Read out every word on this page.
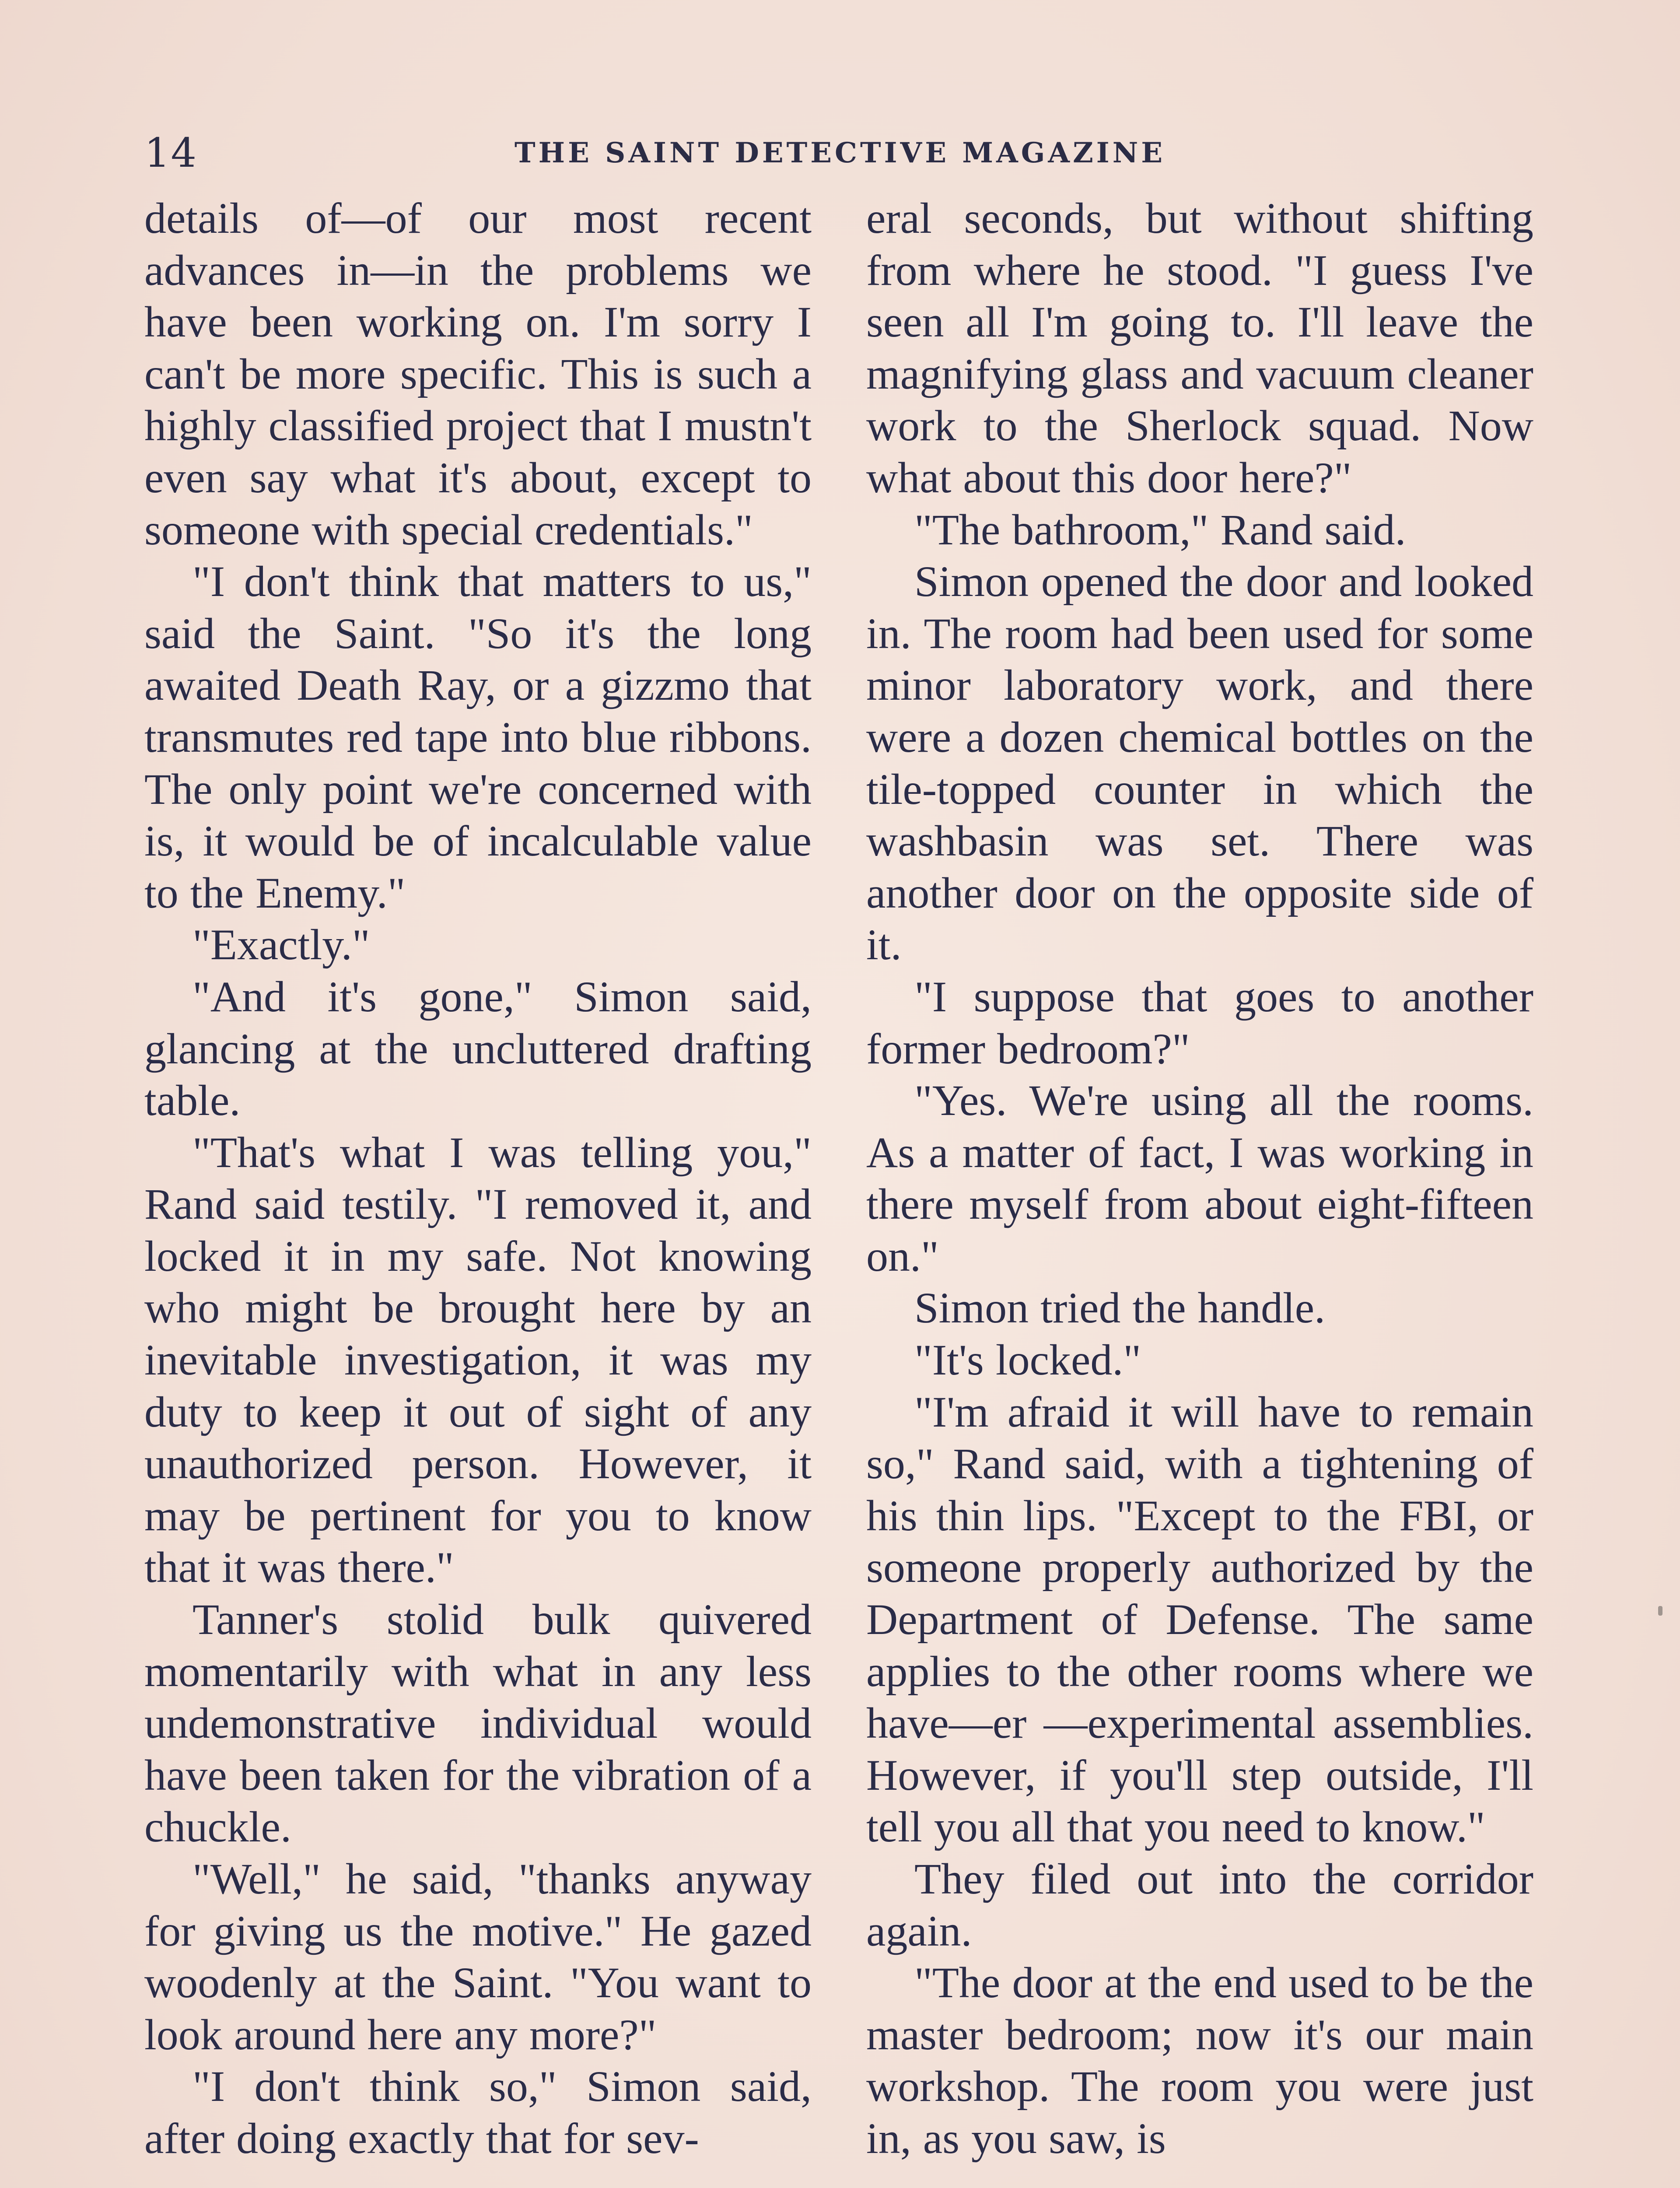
14	THE SAINT DETECTIVE MAGAZINE

details of—of our most recent advances in—in the problems we have been working on. I'm sorry I can't be more specific. This is such a highly classified project that I mustn't even say what it's about, except to someone with special credentials."

"I don't think that matters to us," said the Saint. "So it's the long awaited Death Ray, or a gizzmo that transmutes red tape into blue ribbons. The only point we're concerned with is, it would be of incalculable value to the Enemy."

"Exactly."

"And it's gone," Simon said, glancing at the uncluttered drafting table.

"That's what I was telling you," Rand said testily. "I removed it, and locked it in my safe. Not knowing who might be brought here by an inevitable investigation, it was my duty to keep it out of sight of any unauthorized person. However, it may be pertinent for you to know that it was there."

Tanner's stolid bulk quivered momentarily with what in any less undemonstrative individual would have been taken for the vibration of a chuckle.

"Well," he said, "thanks anyway for giving us the motive." He gazed woodenly at the Saint. "You want to look around here any more?"

"I don't think so," Simon said, after doing exactly that for sev-

eral seconds, but without shifting from where he stood. "I guess I've seen all I'm going to. I'll leave the magnifying glass and vacuum cleaner work to the Sherlock squad. Now what about this door here?"

"The bathroom," Rand said.

Simon opened the door and looked in. The room had been used for some minor laboratory work, and there were a dozen chemical bottles on the tile-topped counter in which the washbasin was set. There was another door on the opposite side of it.

"I suppose that goes to another former bedroom?"

"Yes. We're using all the rooms. As a matter of fact, I was working in there myself from about eight-fifteen on."

Simon tried the handle.

"It's locked."

"I'm afraid it will have to remain so," Rand said, with a tightening of his thin lips. "Except to the FBI, or someone properly authorized by the Department of Defense. The same applies to the other rooms where we have—er —experimental assemblies. However, if you'll step outside, I'll tell you all that you need to know."

They filed out into the corridor again.

"The door at the end used to be the master bedroom; now it's our main workshop. The room you were just in, as you saw, is
